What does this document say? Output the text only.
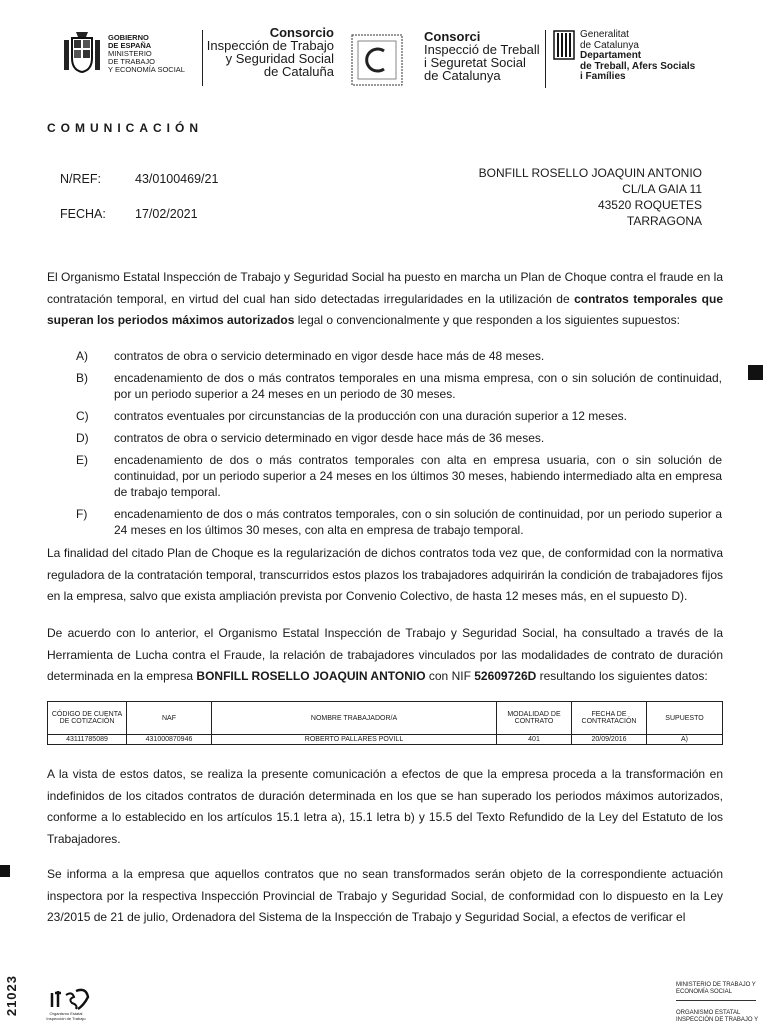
GOBIERNO
DE ESPAÑA
MINISTERIO
DE TRABAJO
Y ECONOMÍA SOCIAL
Consorcio
Inspección de Trabajo
y Seguridad Social
de Cataluña
Consorci
Inspecció de Treball
i Seguretat Social
de Catalunya
Generalitat
de Catalunya
Departament
de Treball, Afers Socials
i Famílies
COMUNICACIÓN
N/REF:	43/0100469/21
FECHA: 17/02/2021
BONFILL ROSELLO JOAQUIN ANTONIO
CL/LA GAIA 11
43520 ROQUETES
TARRAGONA
El Organismo Estatal Inspección de Trabajo y Seguridad Social ha puesto en marcha un Plan de Choque contra el fraude en la contratación temporal, en virtud del cual han sido detectadas irregularidades en la utilización de contratos temporales que superan los periodos máximos autorizados legal o convencionalmente y que responden a los siguientes supuestos:
A) contratos de obra o servicio determinado en vigor desde hace más de 48 meses.
B) encadenamiento de dos o más contratos temporales en una misma empresa, con o sin solución de continuidad, por un periodo superior a 24 meses en un periodo de 30 meses.
C) contratos eventuales por circunstancias de la producción con una duración superior a 12 meses.
D) contratos de obra o servicio determinado en vigor desde hace más de 36 meses.
E) encadenamiento de dos o más contratos temporales con alta en empresa usuaria, con o sin solución de continuidad, por un periodo superior a 24 meses en los últimos 30 meses, habiendo intermediado alta en empresa de trabajo temporal.
F) encadenamiento de dos o más contratos temporales, con o sin solución de continuidad, por un periodo superior a 24 meses en los últimos 30 meses, con alta en empresa de trabajo temporal.
La finalidad del citado Plan de Choque es la regularización de dichos contratos toda vez que, de conformidad con la normativa reguladora de la contratación temporal, transcurridos estos plazos los trabajadores adquirirán la condición de trabajadores fijos en la empresa, salvo que exista ampliación prevista por Convenio Colectivo, de hasta 12 meses más, en el supuesto D).
De acuerdo con lo anterior, el Organismo Estatal Inspección de Trabajo y Seguridad Social, ha consultado a través de la Herramienta de Lucha contra el Fraude, la relación de trabajadores vinculados por las modalidades de contrato de duración determinada en la empresa BONFILL ROSELLO JOAQUIN ANTONIO con NIF 52609726D resultando los siguientes datos:
CÓDIGO DE CUENTA DE COTIZACIÓN	NAF	NOMBRE TRABAJADOR/A	MODALIDAD DE CONTRATO	FECHA DE CONTRATACIÓN	SUPUESTO
43111785089	431000870946	ROBERTO PALLARES POVILL	401	20/09/2016	A)
A la vista de estos datos, se realiza la presente comunicación a efectos de que la empresa proceda a la transformación en indefinidos de los citados contratos de duración determinada en los que se han superado los periodos máximos autorizados, conforme a lo establecido en los artículos 15.1 letra a), 15.1 letra b) y 15.5 del Texto Refundido de la Ley del Estatuto de los Trabajadores.
Se informa a la empresa que aquellos contratos que no sean transformados serán objeto de la correspondiente actuación inspectora por la respectiva Inspección Provincial de Trabajo y Seguridad Social, de conformidad con lo dispuesto en la Ley 23/2015 de 21 de julio, Ordenadora del Sistema de la Inspección de Trabajo y Seguridad Social, a efectos de verificar el
21023	Organismo Estatal
Inspección de Trabajo
MINISTERIO DE TRABAJO Y
ECONOMÍA SOCIAL
ORGANISMO ESTATAL
INSPECCIÓN DE TRABAJO Y
